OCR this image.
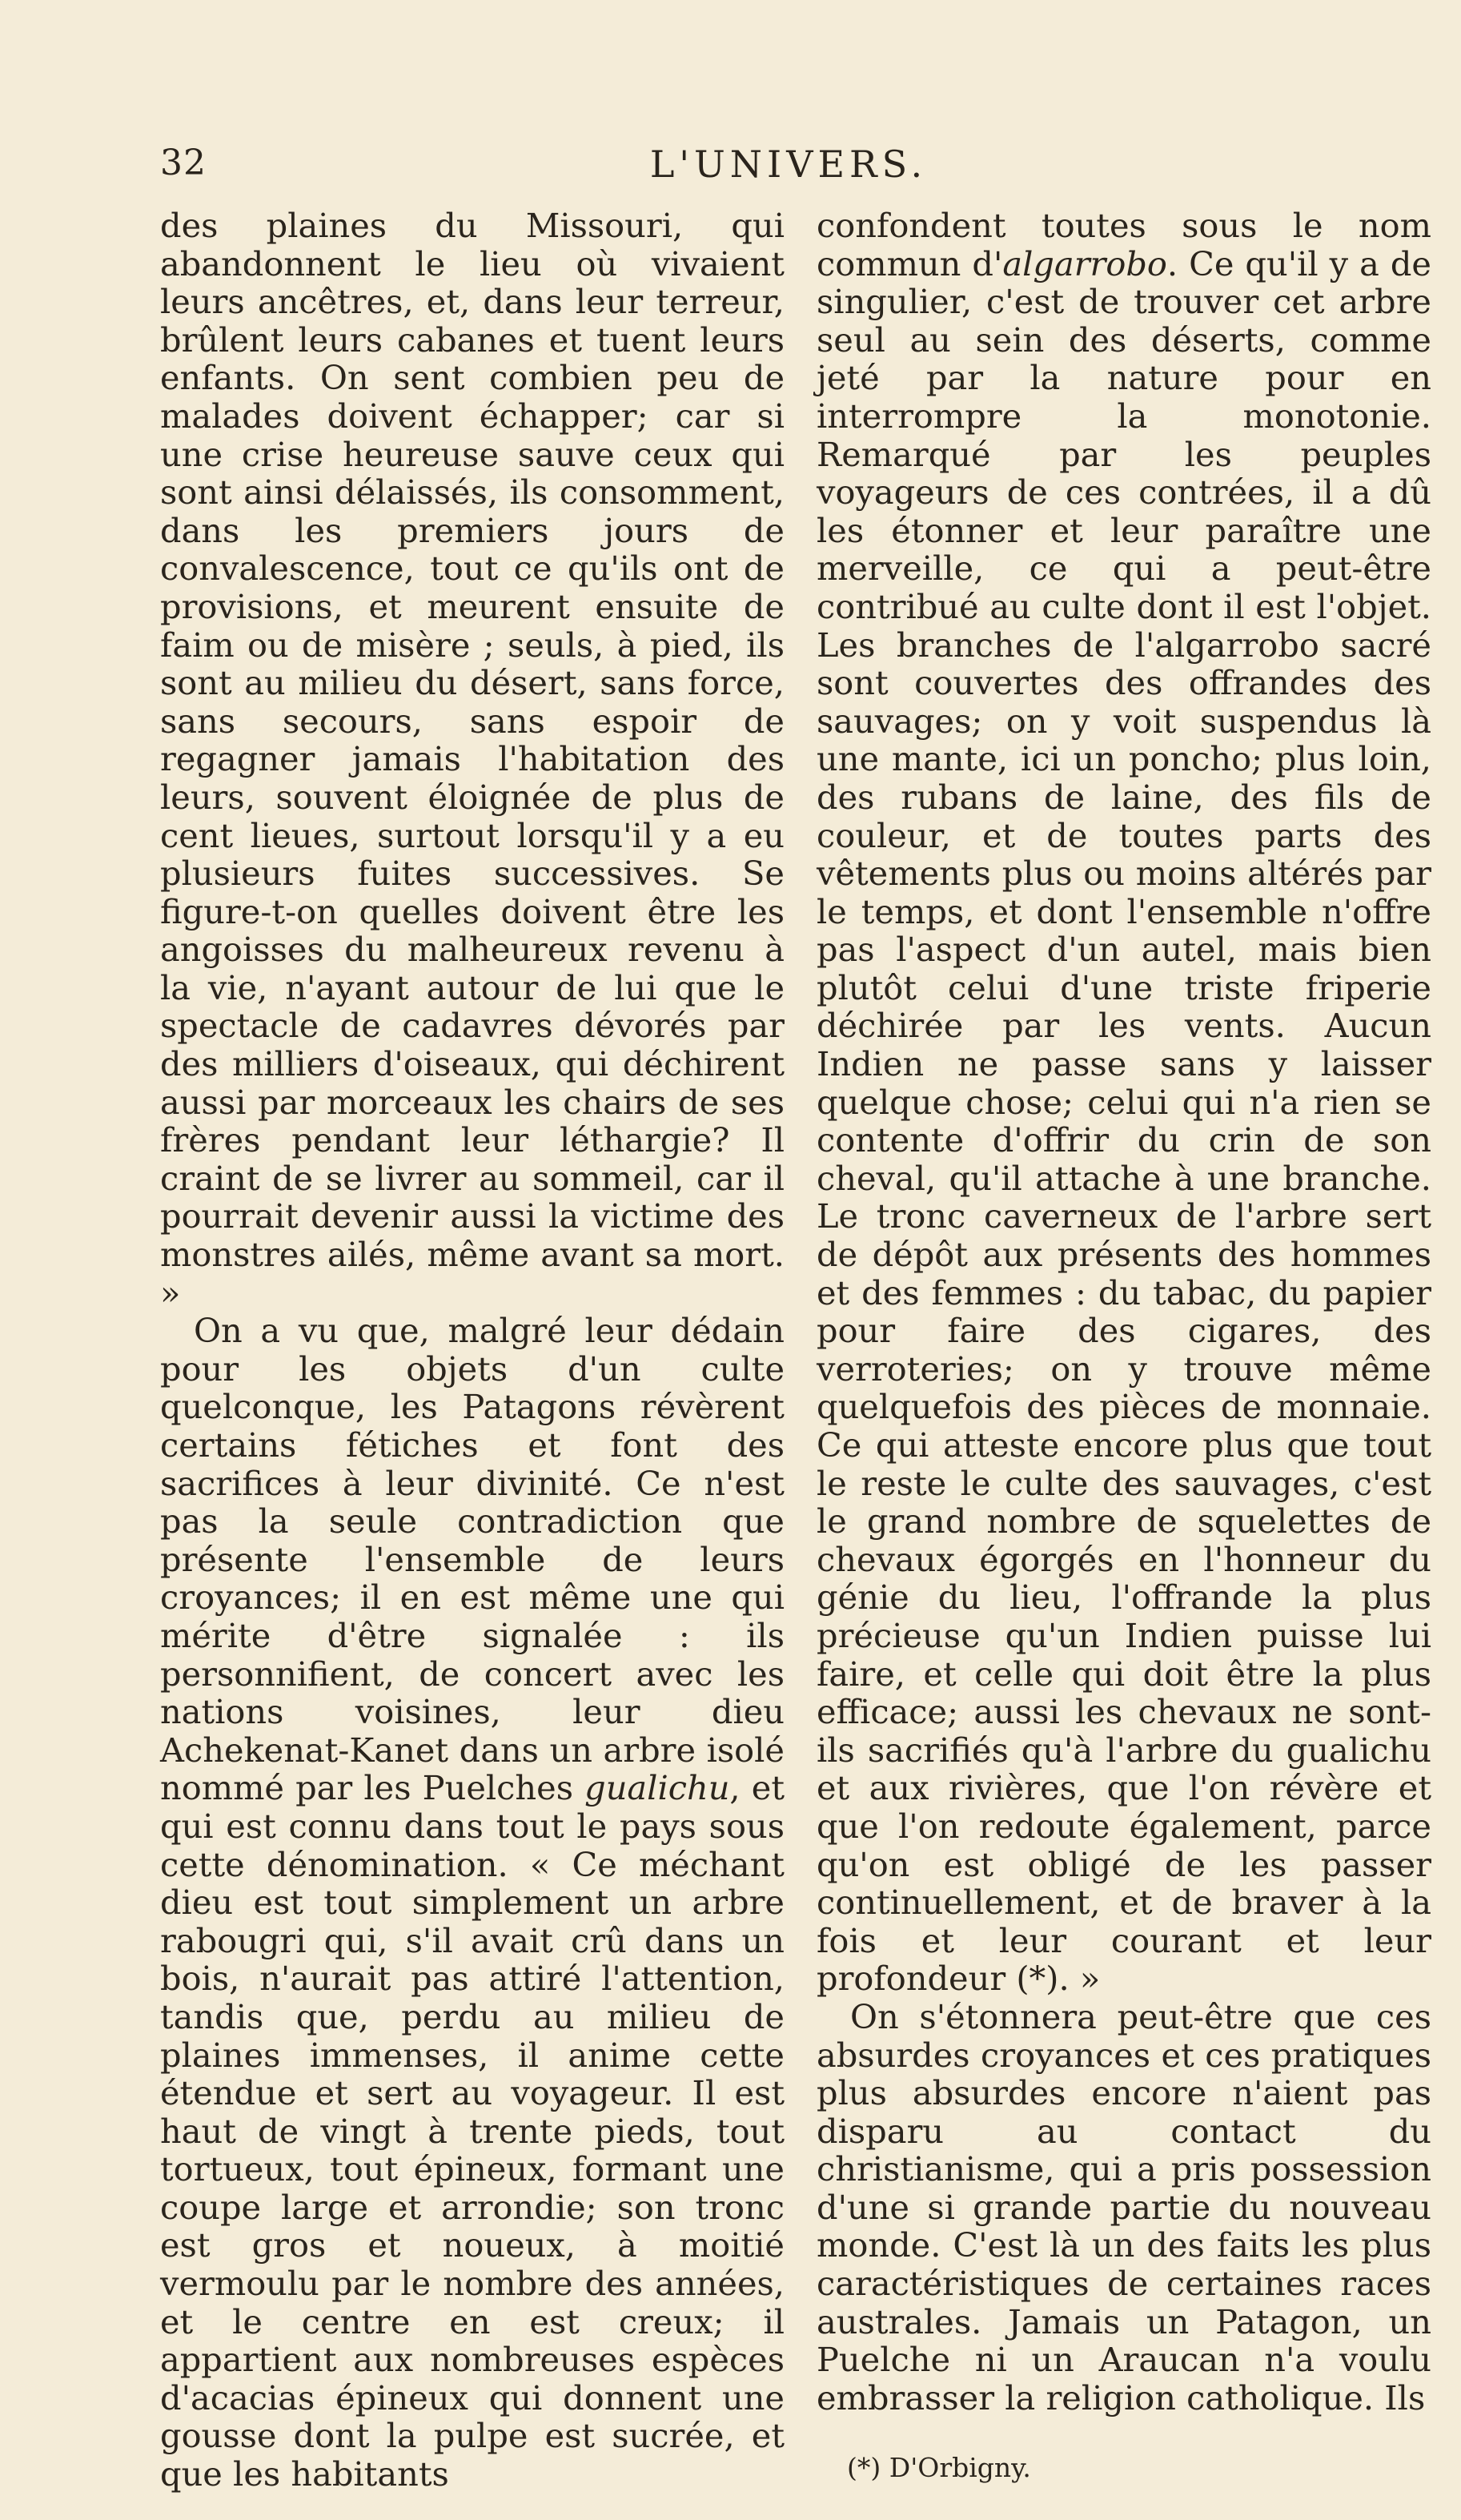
32	L'UNIVERS.

des plaines du Missouri, qui abandonnent le lieu où vivaient leurs ancêtres, et, dans leur terreur, brûlent leurs cabanes et tuent leurs enfants. On sent combien peu de malades doivent échapper; car si une crise heureuse sauve ceux qui sont ainsi délaissés, ils consomment, dans les premiers jours de convalescence, tout ce qu'ils ont de provisions, et meurent ensuite de faim ou de misère ; seuls, à pied, ils sont au milieu du désert, sans force, sans secours, sans espoir de regagner jamais l'habitation des leurs, souvent éloignée de plus de cent lieues, surtout lorsqu'il y a eu plusieurs fuites successives. Se figure-t-on quelles doivent être les angoisses du malheureux revenu à la vie, n'ayant autour de lui que le spectacle de cadavres dévorés par des milliers d'oiseaux, qui déchirent aussi par morceaux les chairs de ses frères pendant leur léthargie? Il craint de se livrer au sommeil, car il pourrait devenir aussi la victime des monstres ailés, même avant sa mort. »

On a vu que, malgré leur dédain pour les objets d'un culte quelconque, les Patagons révèrent certains fétiches et font des sacrifices à leur divinité. Ce n'est pas la seule contradiction que présente l'ensemble de leurs croyances; il en est même une qui mérite d'être signalée : ils personnifient, de concert avec les nations voisines, leur dieu Achekenat-Kanet dans un arbre isolé nommé par les Puelches gualichu, et qui est connu dans tout le pays sous cette dénomination. « Ce méchant dieu est tout simplement un arbre rabougri qui, s'il avait crû dans un bois, n'aurait pas attiré l'attention, tandis que, perdu au milieu de plaines immenses, il anime cette étendue et sert au voyageur. Il est haut de vingt à trente pieds, tout tortueux, tout épineux, formant une coupe large et arrondie; son tronc est gros et noueux, à moitié vermoulu par le nombre des années, et le centre en est creux; il appartient aux nombreuses espèces d'acacias épineux qui donnent une gousse dont la pulpe est sucrée, et que les habitants

confondent toutes sous le nom commun d'algarrobo. Ce qu'il y a de singulier, c'est de trouver cet arbre seul au sein des déserts, comme jeté par la nature pour en interrompre la monotonie. Remarqué par les peuples voyageurs de ces contrées, il a dû les étonner et leur paraître une merveille, ce qui a peut-être contribué au culte dont il est l'objet. Les branches de l'algarrobo sacré sont couvertes des offrandes des sauvages; on y voit suspendus là une mante, ici un poncho; plus loin, des rubans de laine, des fils de couleur, et de toutes parts des vêtements plus ou moins altérés par le temps, et dont l'ensemble n'offre pas l'aspect d'un autel, mais bien plutôt celui d'une triste friperie déchirée par les vents. Aucun Indien ne passe sans y laisser quelque chose; celui qui n'a rien se contente d'offrir du crin de son cheval, qu'il attache à une branche. Le tronc caverneux de l'arbre sert de dépôt aux présents des hommes et des femmes : du tabac, du papier pour faire des cigares, des verroteries; on y trouve même quelquefois des pièces de monnaie. Ce qui atteste encore plus que tout le reste le culte des sauvages, c'est le grand nombre de squelettes de chevaux égorgés en l'honneur du génie du lieu, l'offrande la plus précieuse qu'un Indien puisse lui faire, et celle qui doit être la plus efficace; aussi les chevaux ne sont-ils sacrifiés qu'à l'arbre du gualichu et aux rivières, que l'on révère et que l'on redoute également, parce qu'on est obligé de les passer continuellement, et de braver à la fois et leur courant et leur profondeur (*). »

On s'étonnera peut-être que ces absurdes croyances et ces pratiques plus absurdes encore n'aient pas disparu au contact du christianisme, qui a pris possession d'une si grande partie du nouveau monde. C'est là un des faits les plus caractéristiques de certaines races australes. Jamais un Patagon, un Puelche ni un Araucan n'a voulu embrasser la religion catholique. Ils

(*) D'Orbigny.
